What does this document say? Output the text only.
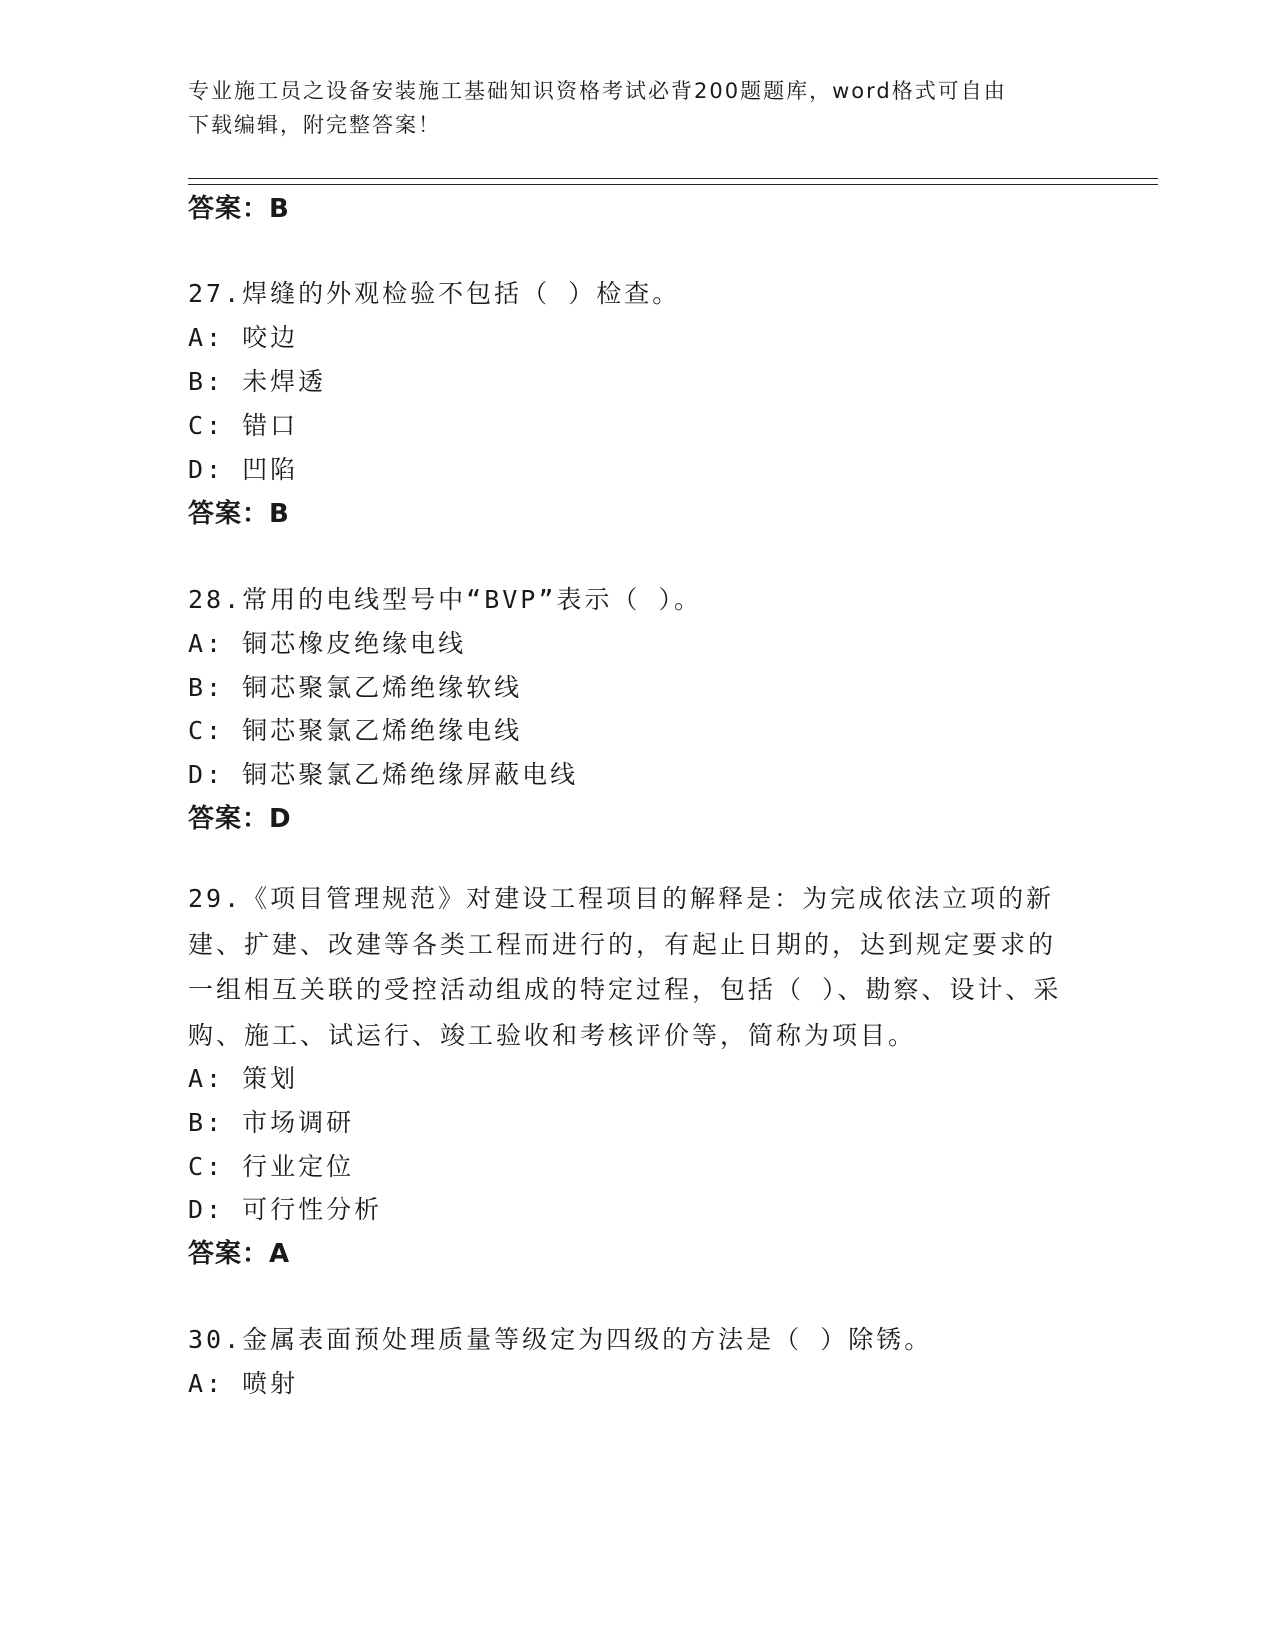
专业施工员之设备安装施工基础知识资格考试必背200题题库，word格式可自由
下载编辑，附完整答案！
答案：B
27.焊缝的外观检验不包括（ ）检查。
A: 咬边
B: 未焊透
C: 错口
D: 凹陷
答案：B
28.常用的电线型号中“BVP”表示（ ）。
A: 铜芯橡皮绝缘电线
B: 铜芯聚氯乙烯绝缘软线
C: 铜芯聚氯乙烯绝缘电线
D: 铜芯聚氯乙烯绝缘屏蔽电线
答案：D
29.《项目管理规范》对建设工程项目的解释是：为完成依法立项的新建、扩建、改建等各类工程而进行的，有起止日期的，达到规定要求的一组相互关联的受控活动组成的特定过程，包括（ ）、勘察、设计、采购、施工、试运行、竣工验收和考核评价等，简称为项目。
A: 策划
B: 市场调研
C: 行业定位
D: 可行性分析
答案：A
30.金属表面预处理质量等级定为四级的方法是（ ）除锈。
A: 喷射
